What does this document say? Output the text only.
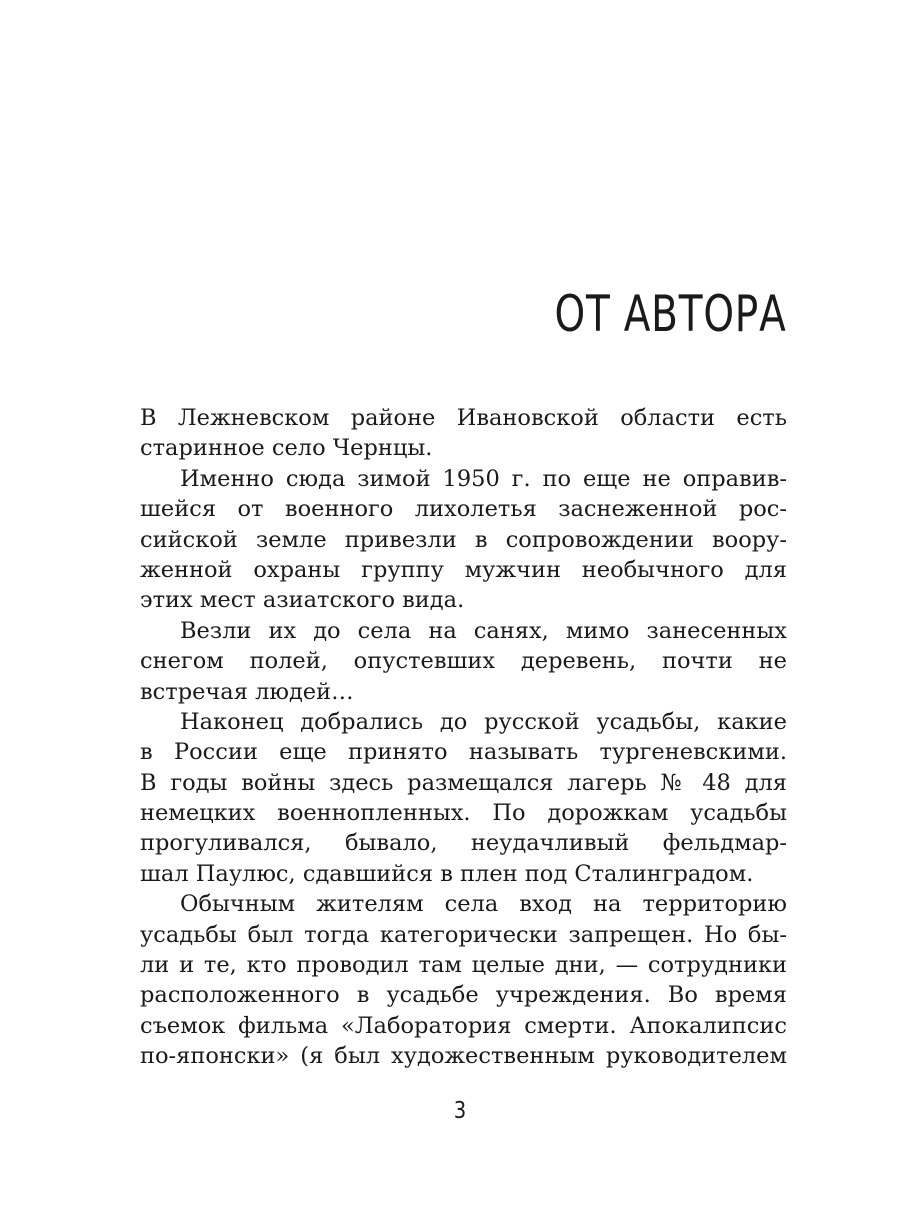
ОТ АВТОРА
В Лежневском районе Ивановской области есть
старинное село Чернцы.
Именно сюда зимой 1950 г. по еще не оправив-
шейся от военного лихолетья заснеженной рос-
сийской земле привезли в сопровождении воору-
женной охраны группу мужчин необычного для
этих мест азиатского вида.
Везли их до села на санях, мимо занесенных
снегом полей, опустевших деревень, почти не
встречая людей…
Наконец добрались до русской усадьбы, какие
в России еще принято называть тургеневскими.
В годы войны здесь размещался лагерь № 48 для
немецких военнопленных. По дорожкам усадьбы
прогуливался, бывало, неудачливый фельдмар-
шал Паулюс, сдавшийся в плен под Сталинградом.
Обычным жителям села вход на территорию
усадьбы был тогда категорически запрещен. Но бы-
ли и те, кто проводил там целые дни, — сотрудники
расположенного в усадьбе учреждения. Во время
съемок фильма «Лаборатория смерти. Апокалипсис
по-японски» (я был художественным руководителем
3
